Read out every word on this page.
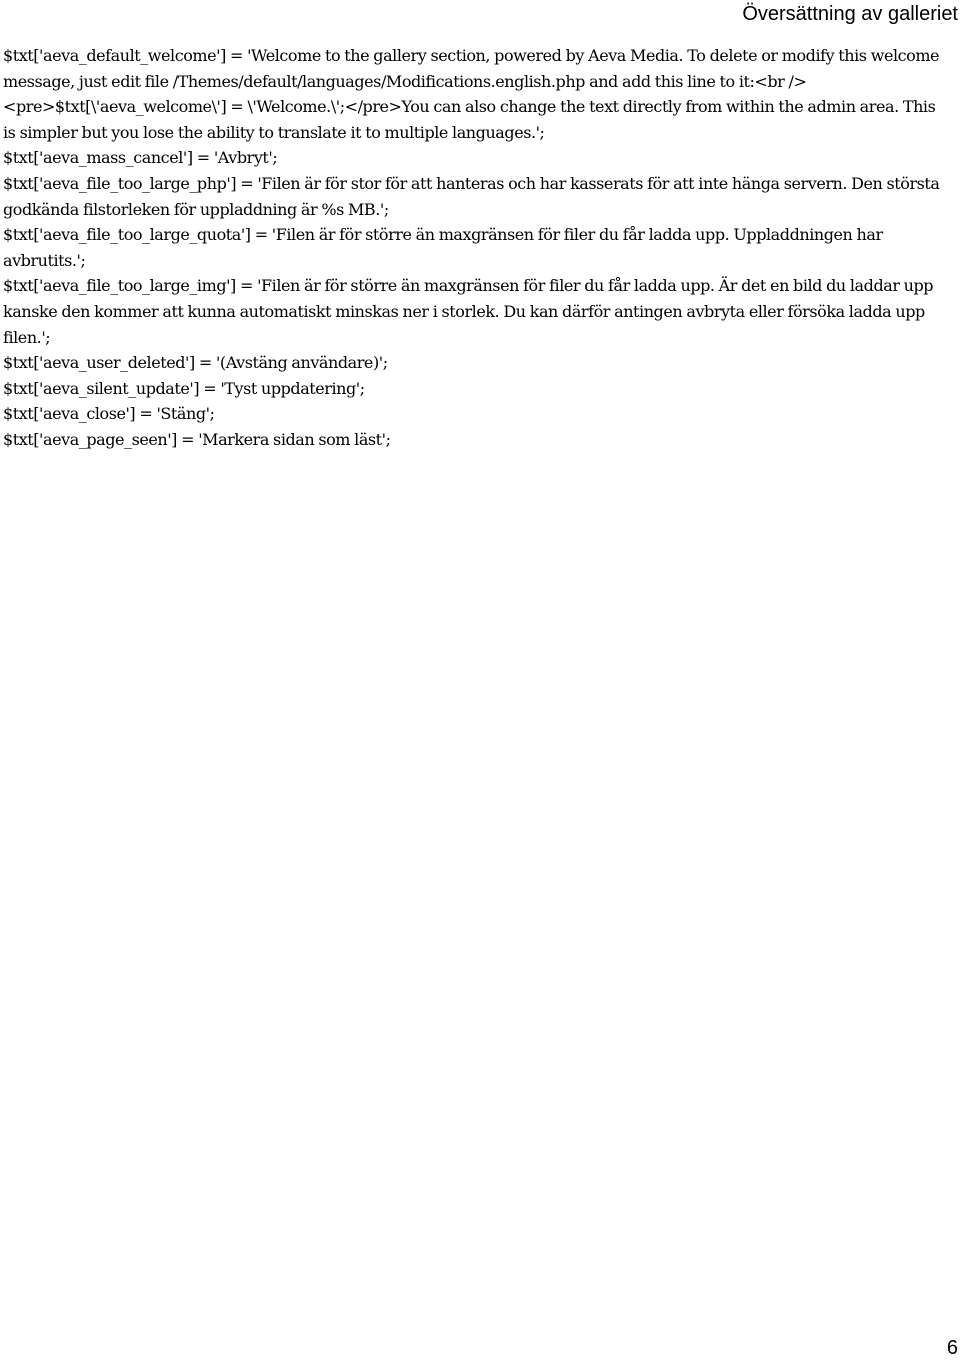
Översättning av galleriet

$txt['aeva_default_welcome'] = 'Welcome to the gallery section, powered by Aeva Media. To delete or modify this welcome message, just edit file /Themes/default/languages/Modifications.english.php and add this line to it:<br /><pre>$txt[\'aeva_welcome\'] = \'Welcome.\';</pre>You can also change the text directly from within the admin area. This is simpler but you lose the ability to translate it to multiple languages.';

$txt['aeva_mass_cancel'] = 'Avbryt';

$txt['aeva_file_too_large_php'] = 'Filen är för stor för att hanteras och har kasserats för att inte hänga servern. Den största godkända filstorleken för uppladdning är %s MB.';

$txt['aeva_file_too_large_quota'] = 'Filen är för större än maxgränsen för filer du får ladda upp. Uppladdningen har avbrutits.';

$txt['aeva_file_too_large_img'] = 'Filen är för större än maxgränsen för filer du får ladda upp. Är det en bild du laddar upp kanske den kommer att kunna automatiskt minskas ner i storlek. Du kan därför antingen avbryta eller försöka ladda upp filen.';

$txt['aeva_user_deleted'] = '(Avstäng användare)';

$txt['aeva_silent_update'] = 'Tyst uppdatering';

$txt['aeva_close'] = 'Stäng';

$txt['aeva_page_seen'] = 'Markera sidan som läst';

6
